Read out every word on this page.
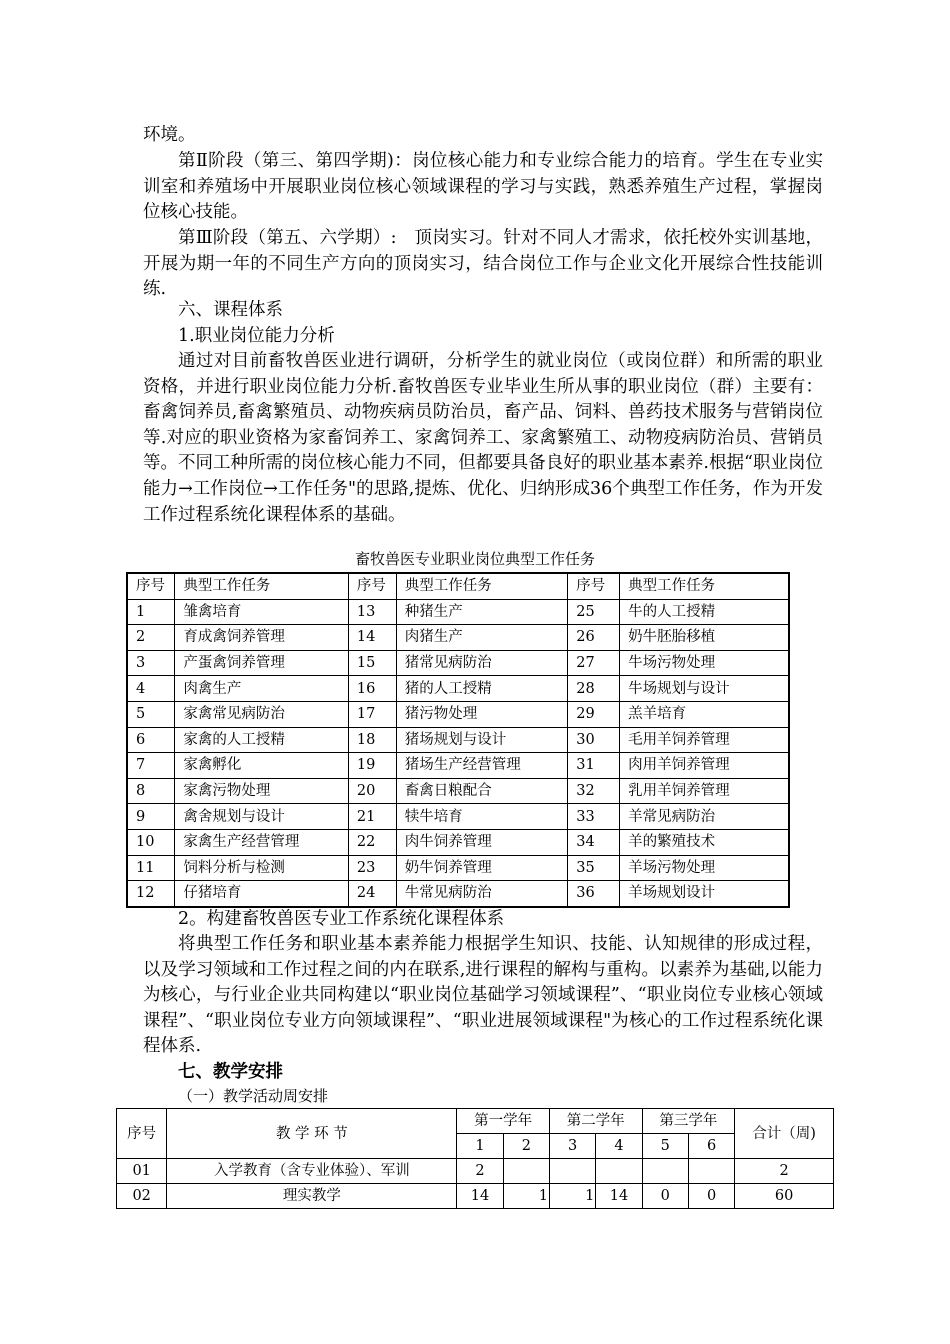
环境。

第Ⅱ阶段（第三、第四学期)：岗位核心能力和专业综合能力的培育。学生在专业实训室和养殖场中开展职业岗位核心领域课程的学习与实践，熟悉养殖生产过程，掌握岗位核心技能。

第Ⅲ阶段（第五、六学期）:　顶岗实习。针对不同人才需求，依托校外实训基地，开展为期一年的不同生产方向的顶岗实习，结合岗位工作与企业文化开展综合性技能训练.

六、课程体系

1.职业岗位能力分析

通过对目前畜牧兽医业进行调研，分析学生的就业岗位（或岗位群）和所需的职业资格，并进行职业岗位能力分析.畜牧兽医专业毕业生所从事的职业岗位（群）主要有：畜禽饲养员,畜禽繁殖员、动物疾病员防治员，畜产品、饲料、兽药技术服务与营销岗位等.对应的职业资格为家畜饲养工、家禽饲养工、家禽繁殖工、动物疫病防治员、营销员等。不同工种所需的岗位核心能力不同，但都要具备良好的职业基本素养.根据“职业岗位能力→工作岗位→工作任务"的思路,提炼、优化、归纳形成36个典型工作任务，作为开发工作过程系统化课程体系的基础。

畜牧兽医专业职业岗位典型工作任务
序号	典型工作任务	序号	典型工作任务	序号	典型工作任务
1	雏禽培育	13	种猪生产	25	牛的人工授精
2	育成禽饲养管理	14	肉猪生产	26	奶牛胚胎移植
3	产蛋禽饲养管理	15	猪常见病防治	27	牛场污物处理
4	肉禽生产	16	猪的人工授精	28	牛场规划与设计
5	家禽常见病防治	17	猪污物处理	29	羔羊培育
6	家禽的人工授精	18	猪场规划与设计	30	毛用羊饲养管理
7	家禽孵化	19	猪场生产经营管理	31	肉用羊饲养管理
8	家禽污物处理	20	畜禽日粮配合	32	乳用羊饲养管理
9	禽舍规划与设计	21	犊牛培育	33	羊常见病防治
10	家禽生产经营管理	22	肉牛饲养管理	34	羊的繁殖技术
11	饲料分析与检测	23	奶牛饲养管理	35	羊场污物处理
12	仔猪培育	24	牛常见病防治	36	羊场规划设计

2。构建畜牧兽医专业工作系统化课程体系

将典型工作任务和职业基本素养能力根据学生知识、技能、认知规律的形成过程，以及学习领域和工作过程之间的内在联系,进行课程的解构与重构。以素养为基础,以能力为核心，与行业企业共同构建以“职业岗位基础学习领域课程”、“职业岗位专业核心领域课程”、“职业岗位专业方向领域课程”、“职业进展领域课程"为核心的工作过程系统化课程体系.

七、教学安排

（一）教学活动周安排

序号	教 学 环 节	第一学年		第二学年		第三学年		合计（周)
		1	2	3	4	5	6	
01	入学教育（含专业体验）、军训	2						2
02	理实教学	14	1	1	14	0	0	60
